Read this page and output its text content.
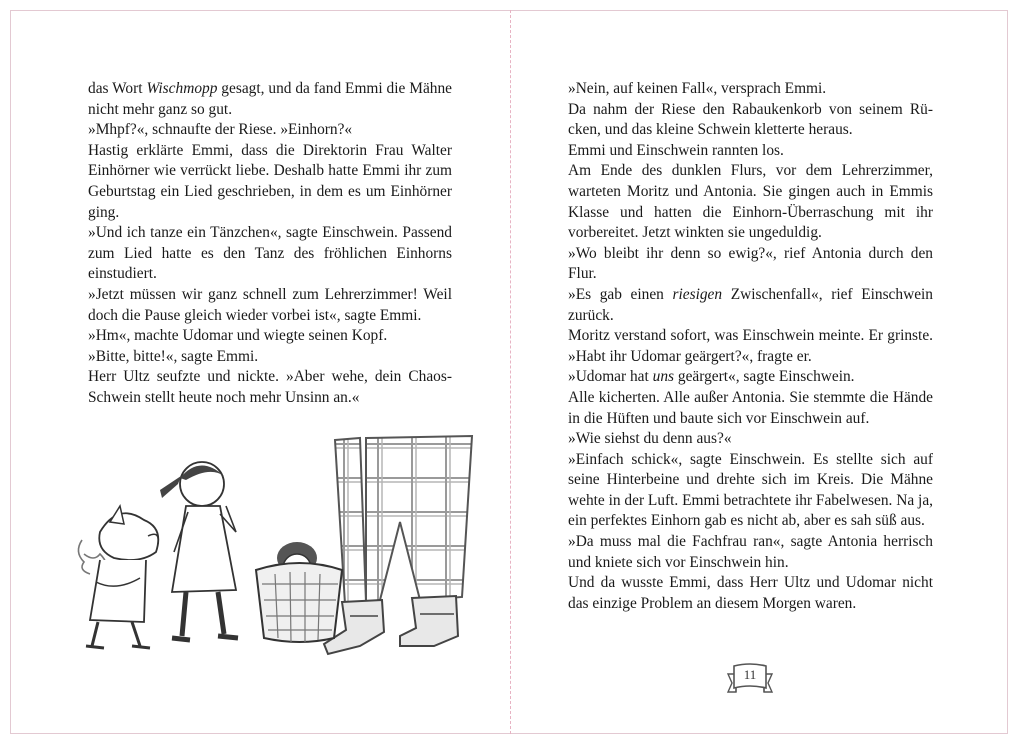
das Wort Wischmopp gesagt, und da fand Emmi die Mähne nicht mehr ganz so gut.

»Mhpf?«, schnaufte der Riese. »Einhorn?«

Hastig erklärte Emmi, dass die Direktorin Frau Walter Einhörner wie verrückt liebe. Deshalb hatte Emmi ihr zum Geburtstag ein Lied geschrieben, in dem es um Einhörner ging.

»Und ich tanze ein Tänzchen«, sagte Einschwein. Passend zum Lied hatte es den Tanz des fröhlichen Einhorns einstudiert.

»Jetzt müssen wir ganz schnell zum Lehrerzimmer! Weil doch die Pause gleich wieder vorbei ist«, sagte Emmi.

»Hm«, machte Udomar und wiegte seinen Kopf.

»Bitte, bitte!«, sagte Emmi.

Herr Ultz seufzte und nickte. »Aber wehe, dein Chaos-Schwein stellt heute noch mehr Unsinn an.«

»Nein, auf keinen Fall«, versprach Emmi.

Da nahm der Riese den Rabaukenkorb von seinem Rücken, und das kleine Schwein kletterte heraus.

Emmi und Einschwein rannten los.

Am Ende des dunklen Flurs, vor dem Lehrerzimmer, warteten Moritz und Antonia. Sie gingen auch in Emmis Klasse und hatten die Einhorn-Überraschung mit ihr vorbereitet. Jetzt winkten sie ungeduldig.

»Wo bleibt ihr denn so ewig?«, rief Antonia durch den Flur.

»Es gab einen riesigen Zwischenfall«, rief Einschwein zurück.

Moritz verstand sofort, was Einschwein meinte. Er grinste. »Habt ihr Udomar geärgert?«, fragte er.

»Udomar hat uns geärgert«, sagte Einschwein.

Alle kicherten. Alle außer Antonia. Sie stemmte die Hände in die Hüften und baute sich vor Einschwein auf.

»Wie siehst du denn aus?«

»Einfach schick«, sagte Einschwein. Es stellte sich auf seine Hinterbeine und drehte sich im Kreis. Die Mähne wehte in der Luft. Emmi betrachtete ihr Fabelwesen. Na ja, ein perfektes Einhorn gab es nicht ab, aber es sah süß aus.

»Da muss mal die Fachfrau ran«, sagte Antonia herrisch und kniete sich vor Einschwein hin.

Und da wusste Emmi, dass Herr Ultz und Udomar nicht das einzige Problem an diesem Morgen waren.

11
